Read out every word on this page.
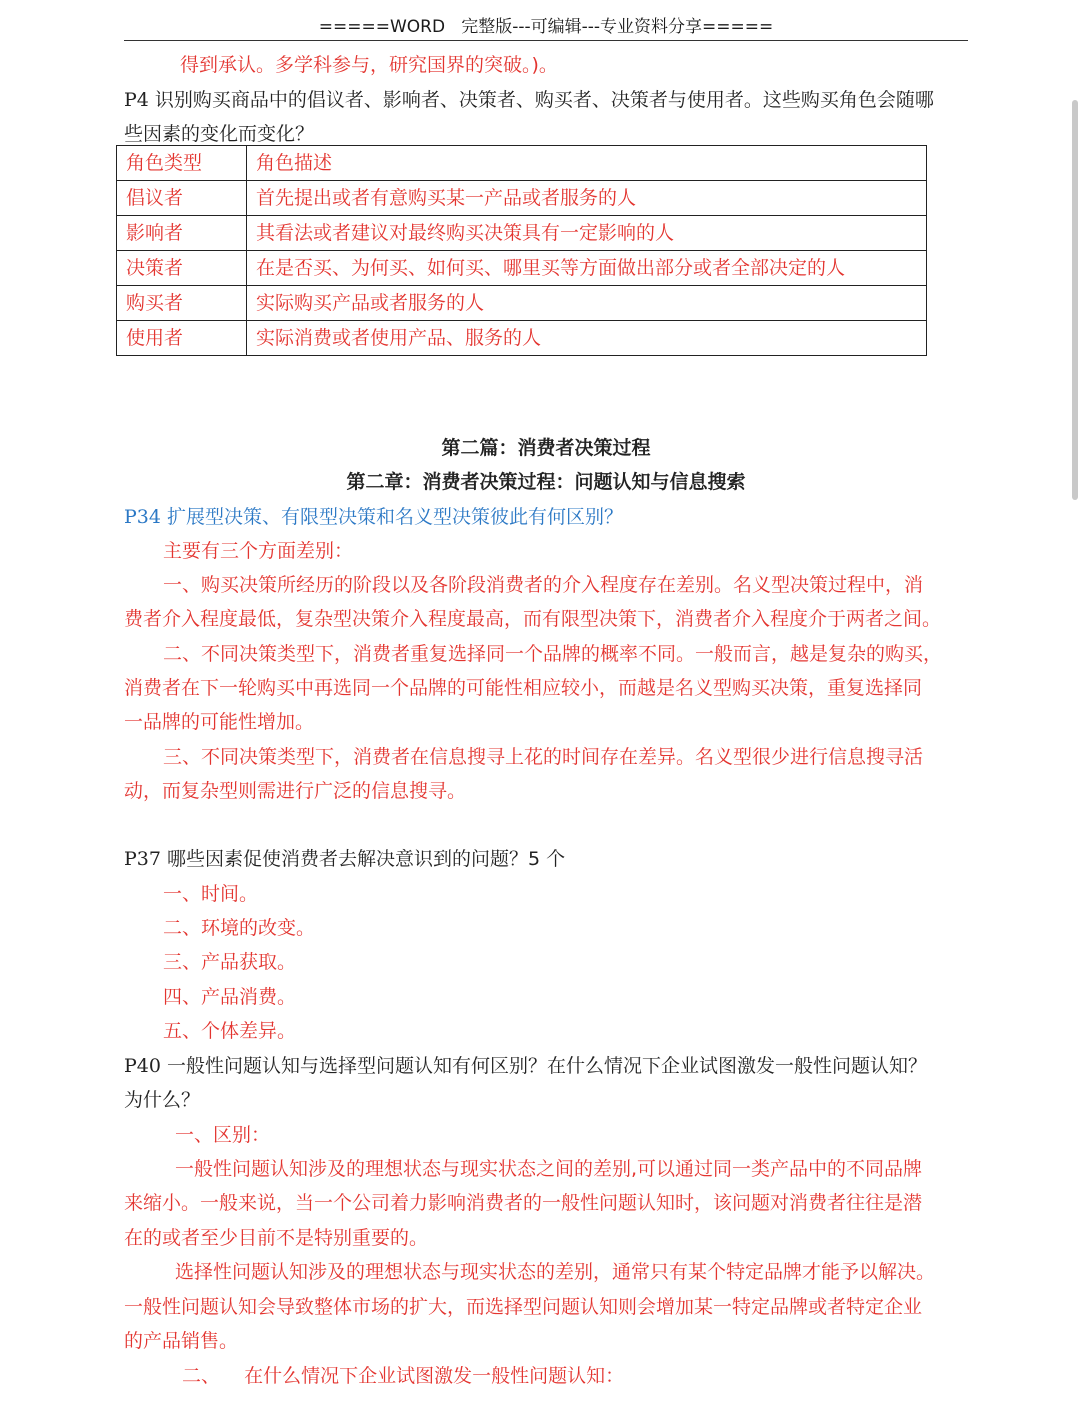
=====WORD   完整版---可编辑---专业资料分享=====
得到承认。多学科参与，研究国界的突破。)。
P4 识别购买商品中的倡议者、影响者、决策者、购买者、决策者与使用者。这些购买角色会随哪
些因素的变化而变化？
角色类型	角色描述
倡议者	首先提出或者有意购买某一产品或者服务的人
影响者	其看法或者建议对最终购买决策具有一定影响的人
决策者	在是否买、为何买、如何买、哪里买等方面做出部分或者全部决定的人
购买者	实际购买产品或者服务的人
使用者	实际消费或者使用产品、服务的人
第二篇：消费者决策过程
第二章：消费者决策过程：问题认知与信息搜索
P34 扩展型决策、有限型决策和名义型决策彼此有何区别？
主要有三个方面差别：
一、购买决策所经历的阶段以及各阶段消费者的介入程度存在差别。名义型决策过程中，消
费者介入程度最低，复杂型决策介入程度最高，而有限型决策下，消费者介入程度介于两者之间。
二、不同决策类型下，消费者重复选择同一个品牌的概率不同。一般而言，越是复杂的购买，
消费者在下一轮购买中再选同一个品牌的可能性相应较小，而越是名义型购买决策，重复选择同
一品牌的可能性增加。
三、不同决策类型下，消费者在信息搜寻上花的时间存在差异。名义型很少进行信息搜寻活
动，而复杂型则需进行广泛的信息搜寻。
P37 哪些因素促使消费者去解决意识到的问题？5 个
一、时间。
二、环境的改变。
三、产品获取。
四、产品消费。
五、个体差异。
P40 一般性问题认知与选择型问题认知有何区别？在什么情况下企业试图激发一般性问题认知？
为什么？
一、区别：
一般性问题认知涉及的理想状态与现实状态之间的差别,可以通过同一类产品中的不同品牌
来缩小。一般来说，当一个公司着力影响消费者的一般性问题认知时，该问题对消费者往往是潜
在的或者至少目前不是特别重要的。
选择性问题认知涉及的理想状态与现实状态的差别，通常只有某个特定品牌才能予以解决。
一般性问题认知会导致整体市场的扩大，而选择型问题认知则会增加某一特定品牌或者特定企业
的产品销售。
二、    在什么情况下企业试图激发一般性问题认知：
